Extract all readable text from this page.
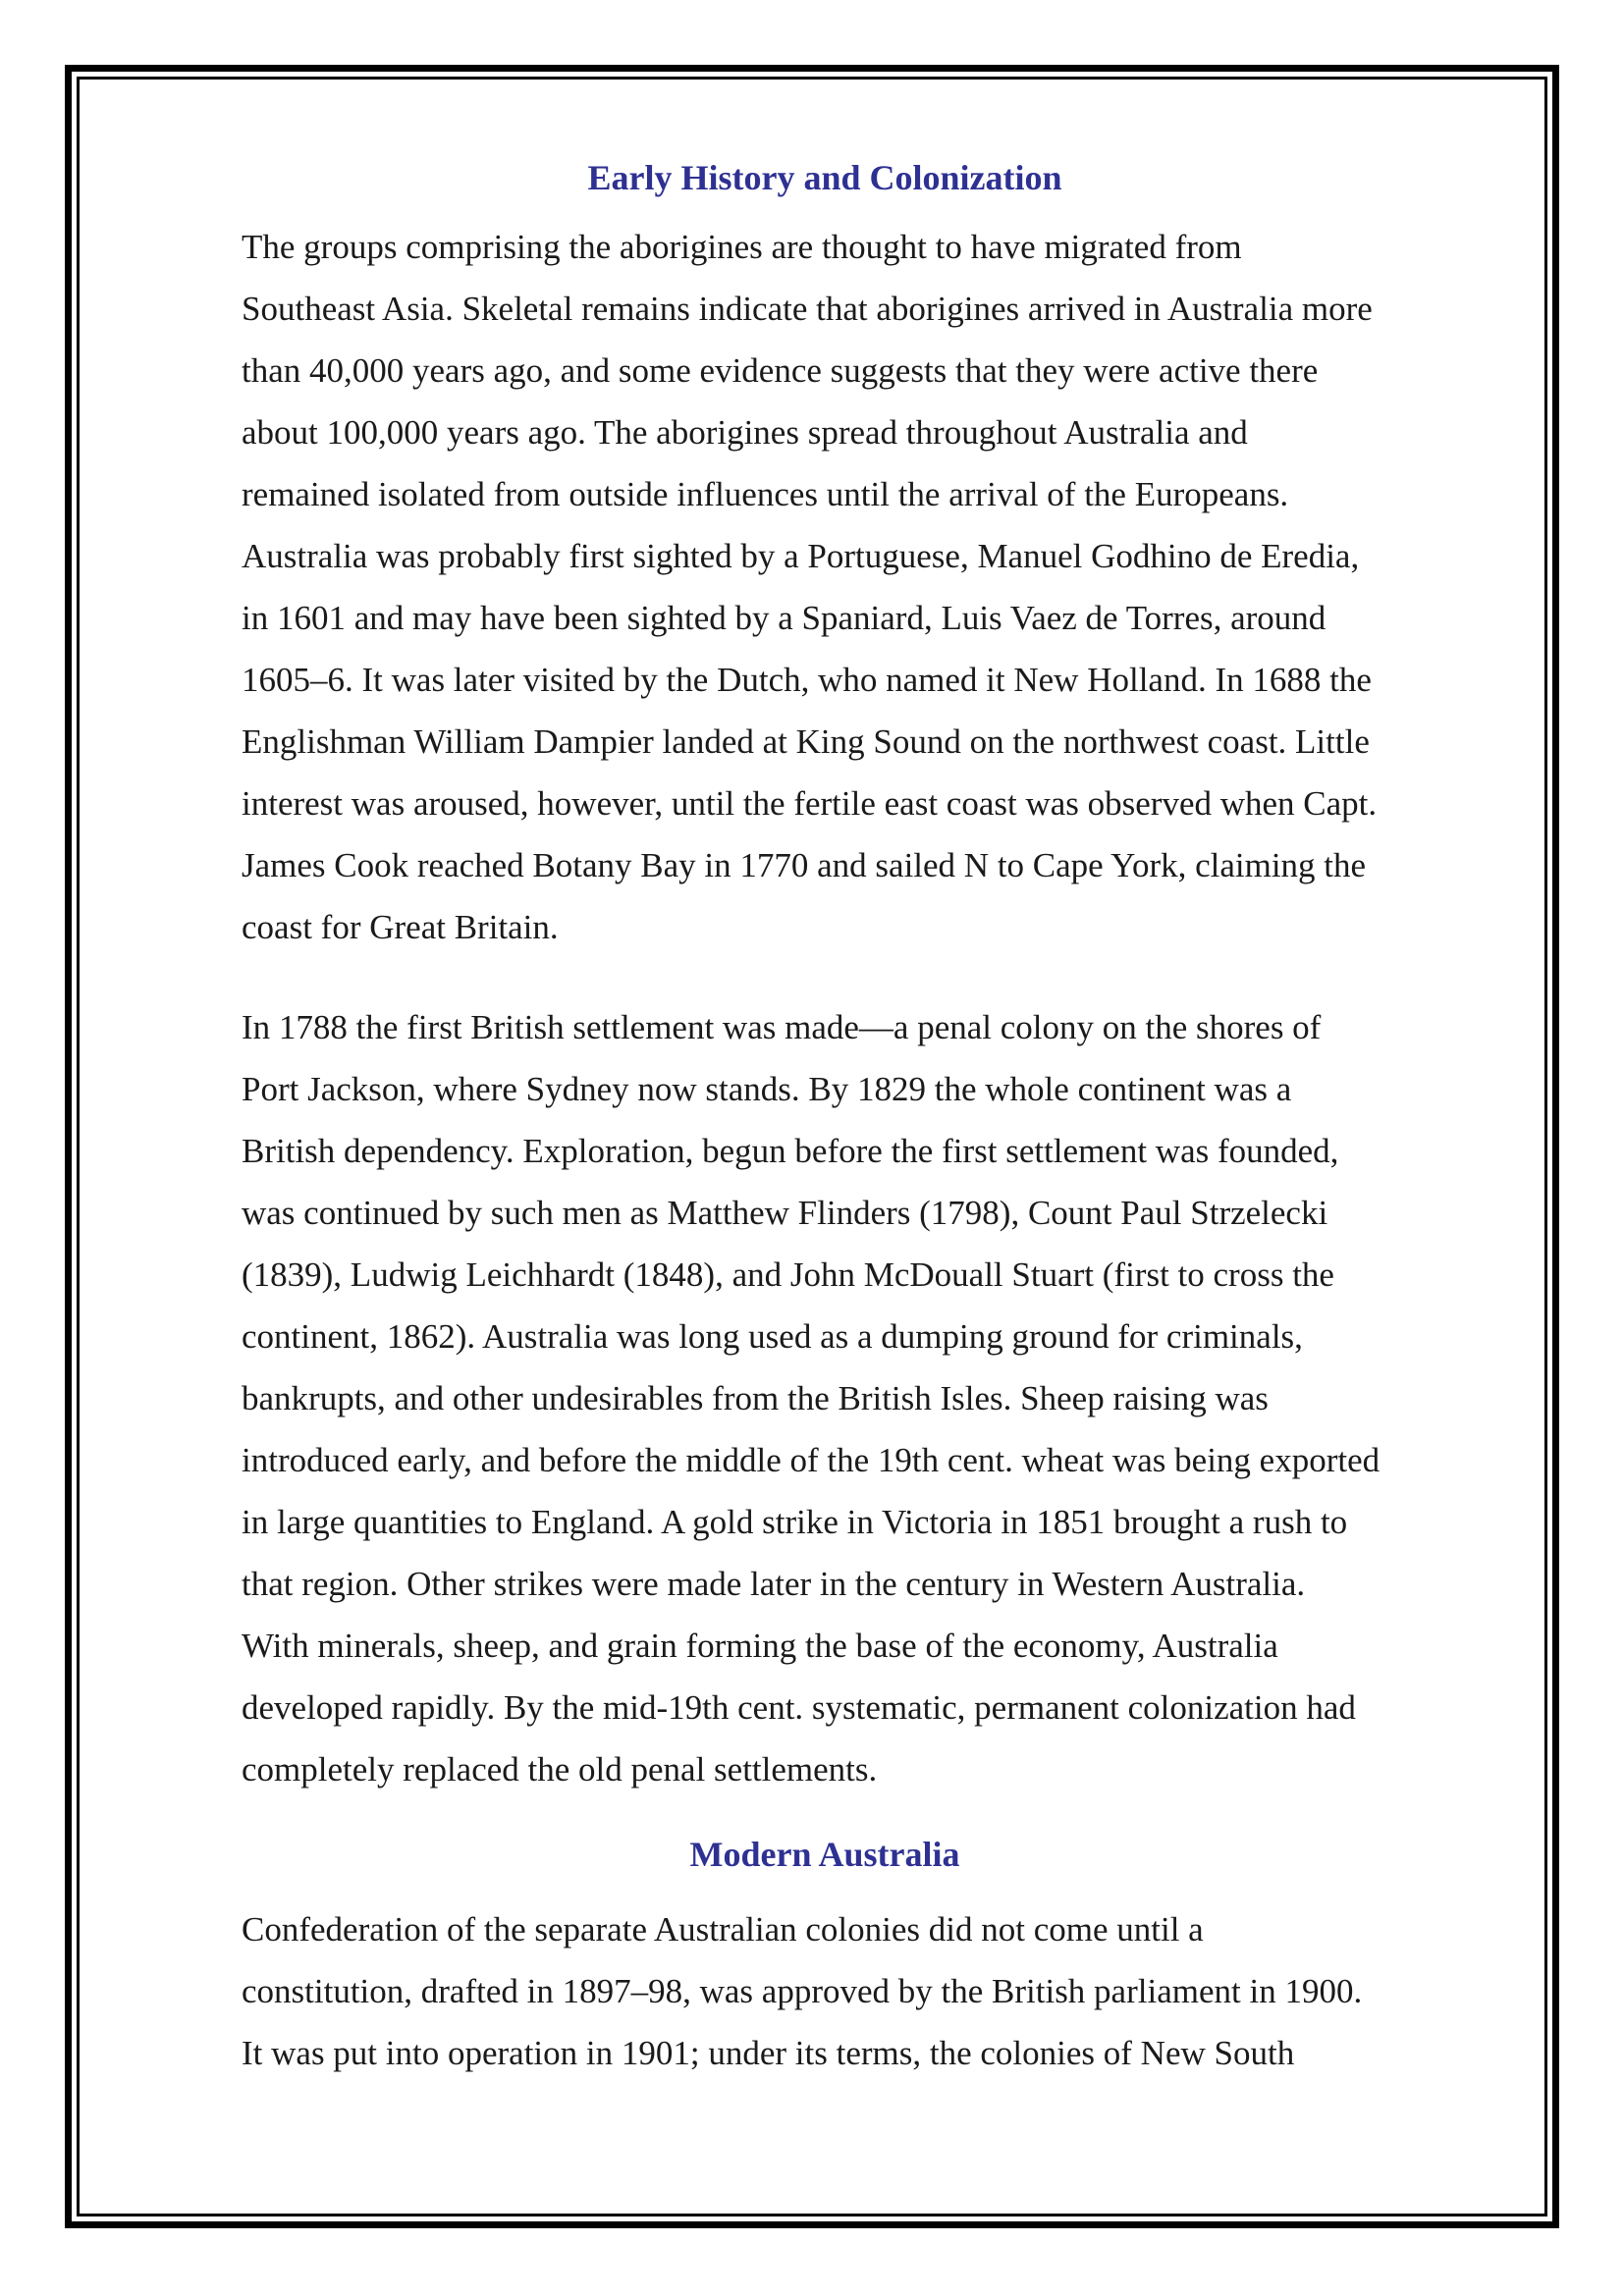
Early History and Colonization

The groups comprising the aborigines are thought to have migrated from
Southeast Asia. Skeletal remains indicate that aborigines arrived in Australia more
than 40,000 years ago, and some evidence suggests that they were active there
about 100,000 years ago. The aborigines spread throughout Australia and
remained isolated from outside influences until the arrival of the Europeans.
Australia was probably first sighted by a Portuguese, Manuel Godhino de Eredia,
in 1601 and may have been sighted by a Spaniard, Luis Vaez de Torres, around
1605–6. It was later visited by the Dutch, who named it New Holland. In 1688 the
Englishman William Dampier landed at King Sound on the northwest coast. Little
interest was aroused, however, until the fertile east coast was observed when Capt.
James Cook reached Botany Bay in 1770 and sailed N to Cape York, claiming the
coast for Great Britain.

In 1788 the first British settlement was made—a penal colony on the shores of
Port Jackson, where Sydney now stands. By 1829 the whole continent was a
British dependency. Exploration, begun before the first settlement was founded,
was continued by such men as Matthew Flinders (1798), Count Paul Strzelecki
(1839), Ludwig Leichhardt (1848), and John McDouall Stuart (first to cross the
continent, 1862). Australia was long used as a dumping ground for criminals,
bankrupts, and other undesirables from the British Isles. Sheep raising was
introduced early, and before the middle of the 19th cent. wheat was being exported
in large quantities to England. A gold strike in Victoria in 1851 brought a rush to
that region. Other strikes were made later in the century in Western Australia.
With minerals, sheep, and grain forming the base of the economy, Australia
developed rapidly. By the mid-19th cent. systematic, permanent colonization had
completely replaced the old penal settlements.

Modern Australia

Confederation of the separate Australian colonies did not come until a
constitution, drafted in 1897–98, was approved by the British parliament in 1900.
It was put into operation in 1901; under its terms, the colonies of New South
